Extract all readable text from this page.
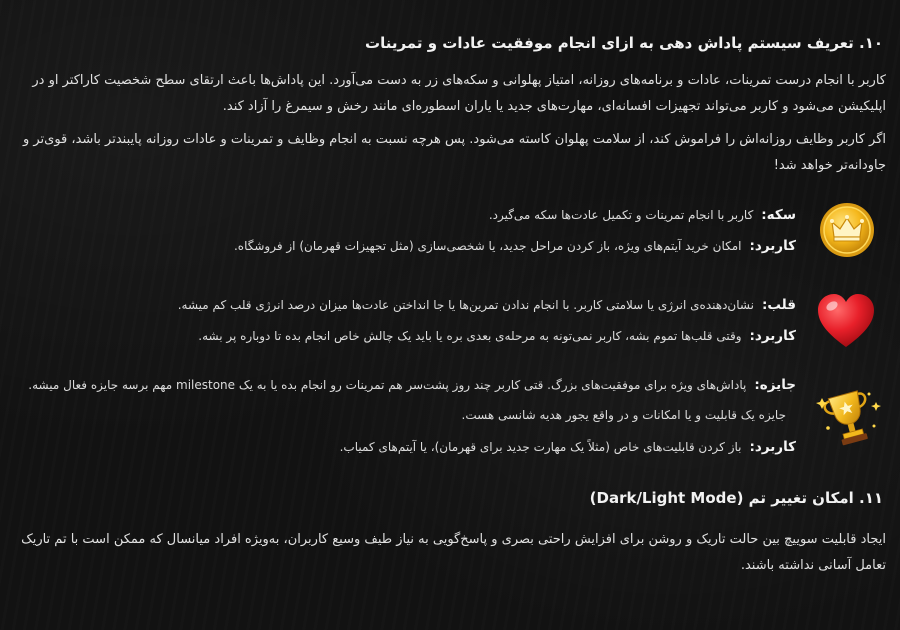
۱۰. تعریف سیستم پاداش دهی به ازای انجام موفقیت عادات و تمرینات
کاربر با انجام درست تمرینات، عادات و برنامه‌های روزانه، امتیاز پهلوانی و سکه‌های زر به دست می‌آورد. این پاداش‌ها باعث ارتقای سطح شخصیت کاراکتر او در اپلیکیشن می‌شود و کاربر می‌تواند تجهیزات افسانه‌ای، مهارت‌های جدید یا یاران اسطوره‌ای مانند رخش و سیمرغ را آزاد کند.
اگر کاربر وظایف روزانه‌اش را فراموش کند، از سلامت پهلوان کاسته می‌شود. پس هرچه نسبت به انجام وظایف و تمرینات و عادات روزانه پایبندتر باشد، قوی‌تر و جاودانه‌تر خواهد شد!
سکه:کاربر با انجام تمرینات و تکمیل عادت‌ها سکه می‌گیرد.
کاربرد:امکان خرید آیتم‌های ویژه، باز کردن مراحل جدید، یا شخصی‌سازی (مثل تجهیزات قهرمان) از فروشگاه.
قلب:نشان‌دهنده‌ی انرژی یا سلامتی کاربر. با انجام ندادن تمرین‌ها یا جا انداختن عادت‌ها میزان درصد انرژی قلب کم میشه.
کاربرد:وقتی قلب‌ها تموم بشه، کاربر نمی‌تونه به مرحله‌ی بعدی بره یا باید یک چالش خاص انجام بده تا دوباره پر بشه.
جایزه:پاداش‌های ویژه برای موفقیت‌های بزرگ. قتی کاربر چند روز پشت‌سر هم تمرینات رو انجام بده یا به یک milestone مهم برسه جایزه فعال میشه.
جایزه یک قابلیت و یا امکانات و در واقع یجور هدیه شانسی هست.
کاربرد:باز کردن قابلیت‌های خاص (مثلاً یک مهارت جدید برای قهرمان)، یا آیتم‌های کمیاب.
۱۱. امکان تغییر تم (Dark/Light Mode)
ایجاد قابلیت سوییچ بین حالت تاریک و روشن برای افزایش راحتی بصری و پاسخ‌گویی به نیاز طیف وسیع کاربران، به‌ویژه افراد میانسال که ممکن است با تم تاریک تعامل آسانی نداشته باشند.
